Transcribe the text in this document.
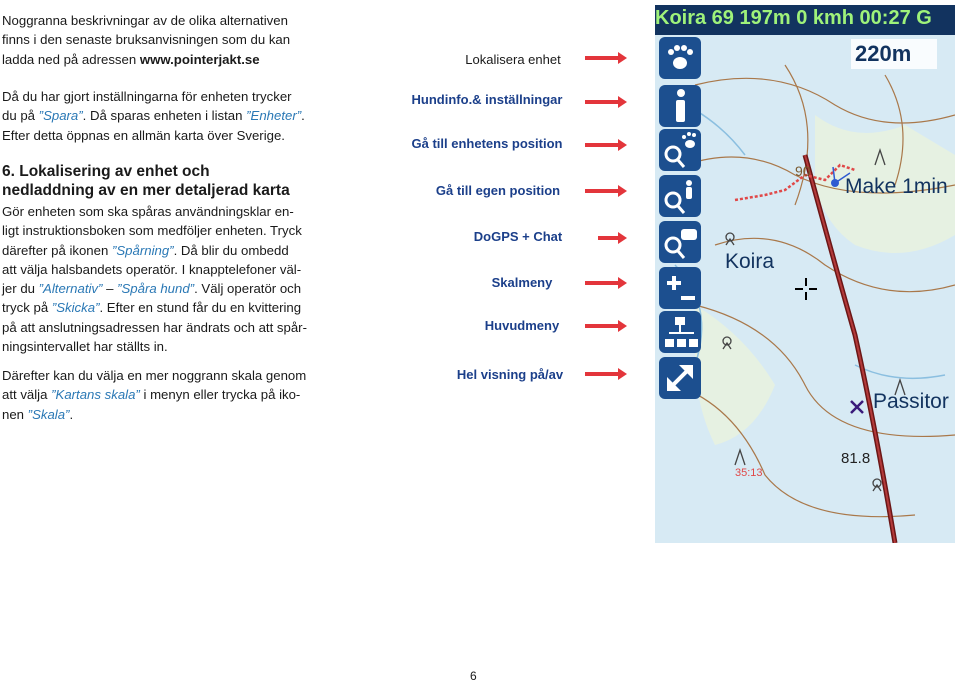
Noggranna beskrivningar av de olika alternativen
finns i den senaste bruksanvisningen som du kan
ladda ned på adressen www.pointerjakt.se

Då du har gjort inställningarna för enheten trycker
du på ”Spara”. Då sparas enheten i listan ”Enheter”.
Efter detta öppnas en allmän karta över Sverige.

6. Lokalisering av enhet och
nedladdning av en mer detaljerad karta

Gör enheten som ska spåras användningsklar en-
ligt instruktionsboken som medföljer enheten. Tryck
därefter på ikonen ”Spårning”. Då blir du ombedd
att välja halsbandets operatör. I knapptelefoner väl-
jer du ”Alternativ” – ”Spåra hund”. Välj operatör och
tryck på ”Skicka”. Efter en stund får du en kvittering
på att anslutningsadressen har ändrats och att spår-
ningsintervallet har ställts in.

Därefter kan du välja en mer noggrann skala genom
att välja ”Kartans skala” i menyn eller trycka på iko-
nen ”Skala”.

Lokalisera enhet
Hundinfo.& inställningar
Gå till enhetens position
Gå till egen position
DoGPS + Chat
Skalmeny
Huvudmeny
Hel visning på/av
Koira 69 197m 0 kmh 00:27 G
220m
Make 1min
Koira
Passitor
81.8
90
35:13
6
